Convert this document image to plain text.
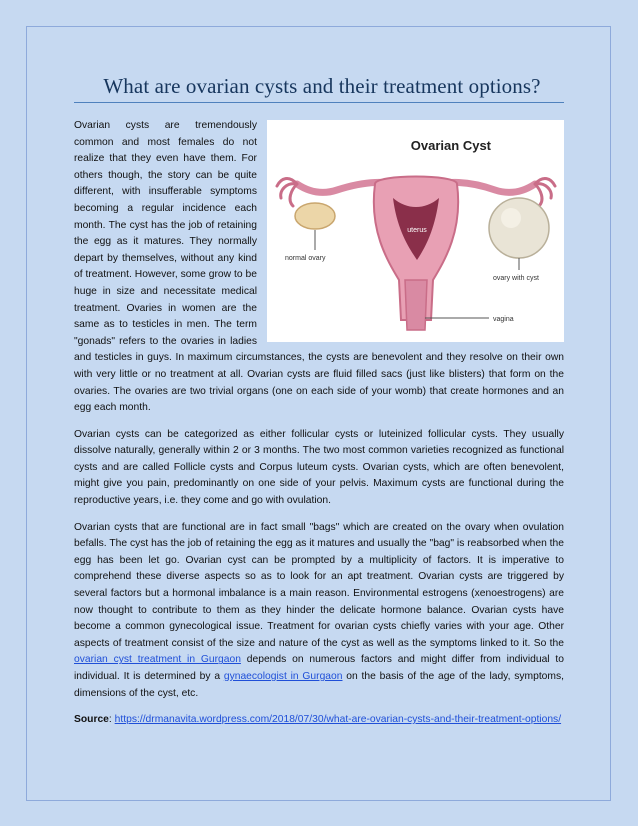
What are ovarian cysts and their treatment options?
Ovarian Cyst
uterus
normal ovary
ovary with cyst
vagina

Ovarian cysts are tremendously common and most females do not realize that they even have them. For others though, the story can be quite different, with insufferable symptoms becoming a regular incidence each month. The cyst has the job of retaining the egg as it matures. They normally depart by themselves, without any kind of treatment. However, some grow to be huge in size and necessitate medical treatment. Ovaries in women are the same as to testicles in men. The term "gonads" refers to the ovaries in ladies and testicles in guys. In maximum circumstances, the cysts are benevolent and they resolve on their own with very little or no treatment at all. Ovarian cysts are fluid filled sacs (just like blisters) that form on the ovaries. The ovaries are two trivial organs (one on each side of your womb) that create hormones and an egg each month.

Ovarian cysts can be categorized as either follicular cysts or luteinized follicular cysts. They usually dissolve naturally, generally within 2 or 3 months. The two most common varieties recognized as functional cysts and are called Follicle cysts and Corpus luteum cysts. Ovarian cysts, which are often benevolent, might give you pain, predominantly on one side of your pelvis. Maximum cysts are functional during the reproductive years, i.e. they come and go with ovulation.

Ovarian cysts that are functional are in fact small "bags" which are created on the ovary when ovulation befalls. The cyst has the job of retaining the egg as it matures and usually the "bag" is reabsorbed when the egg has been let go. Ovarian cyst can be prompted by a multiplicity of factors. It is imperative to comprehend these diverse aspects so as to look for an apt treatment. Ovarian cysts are triggered by several factors but a hormonal imbalance is a main reason. Environmental estrogens (xenoestrogens) are now thought to contribute to them as they hinder the delicate hormone balance. Ovarian cysts have become a common gynecological issue. Treatment for ovarian cysts chiefly varies with your age. Other aspects of treatment consist of the size and nature of the cyst as well as the symptoms linked to it. So the ovarian cyst treatment in Gurgaon depends on numerous factors and might differ from individual to individual. It is determined by a gynaecologist in Gurgaon on the basis of the age of the lady, symptoms, dimensions of the cyst, etc.

Source: https://drmanavita.wordpress.com/2018/07/30/what-are-ovarian-cysts-and-their-treatment-options/
